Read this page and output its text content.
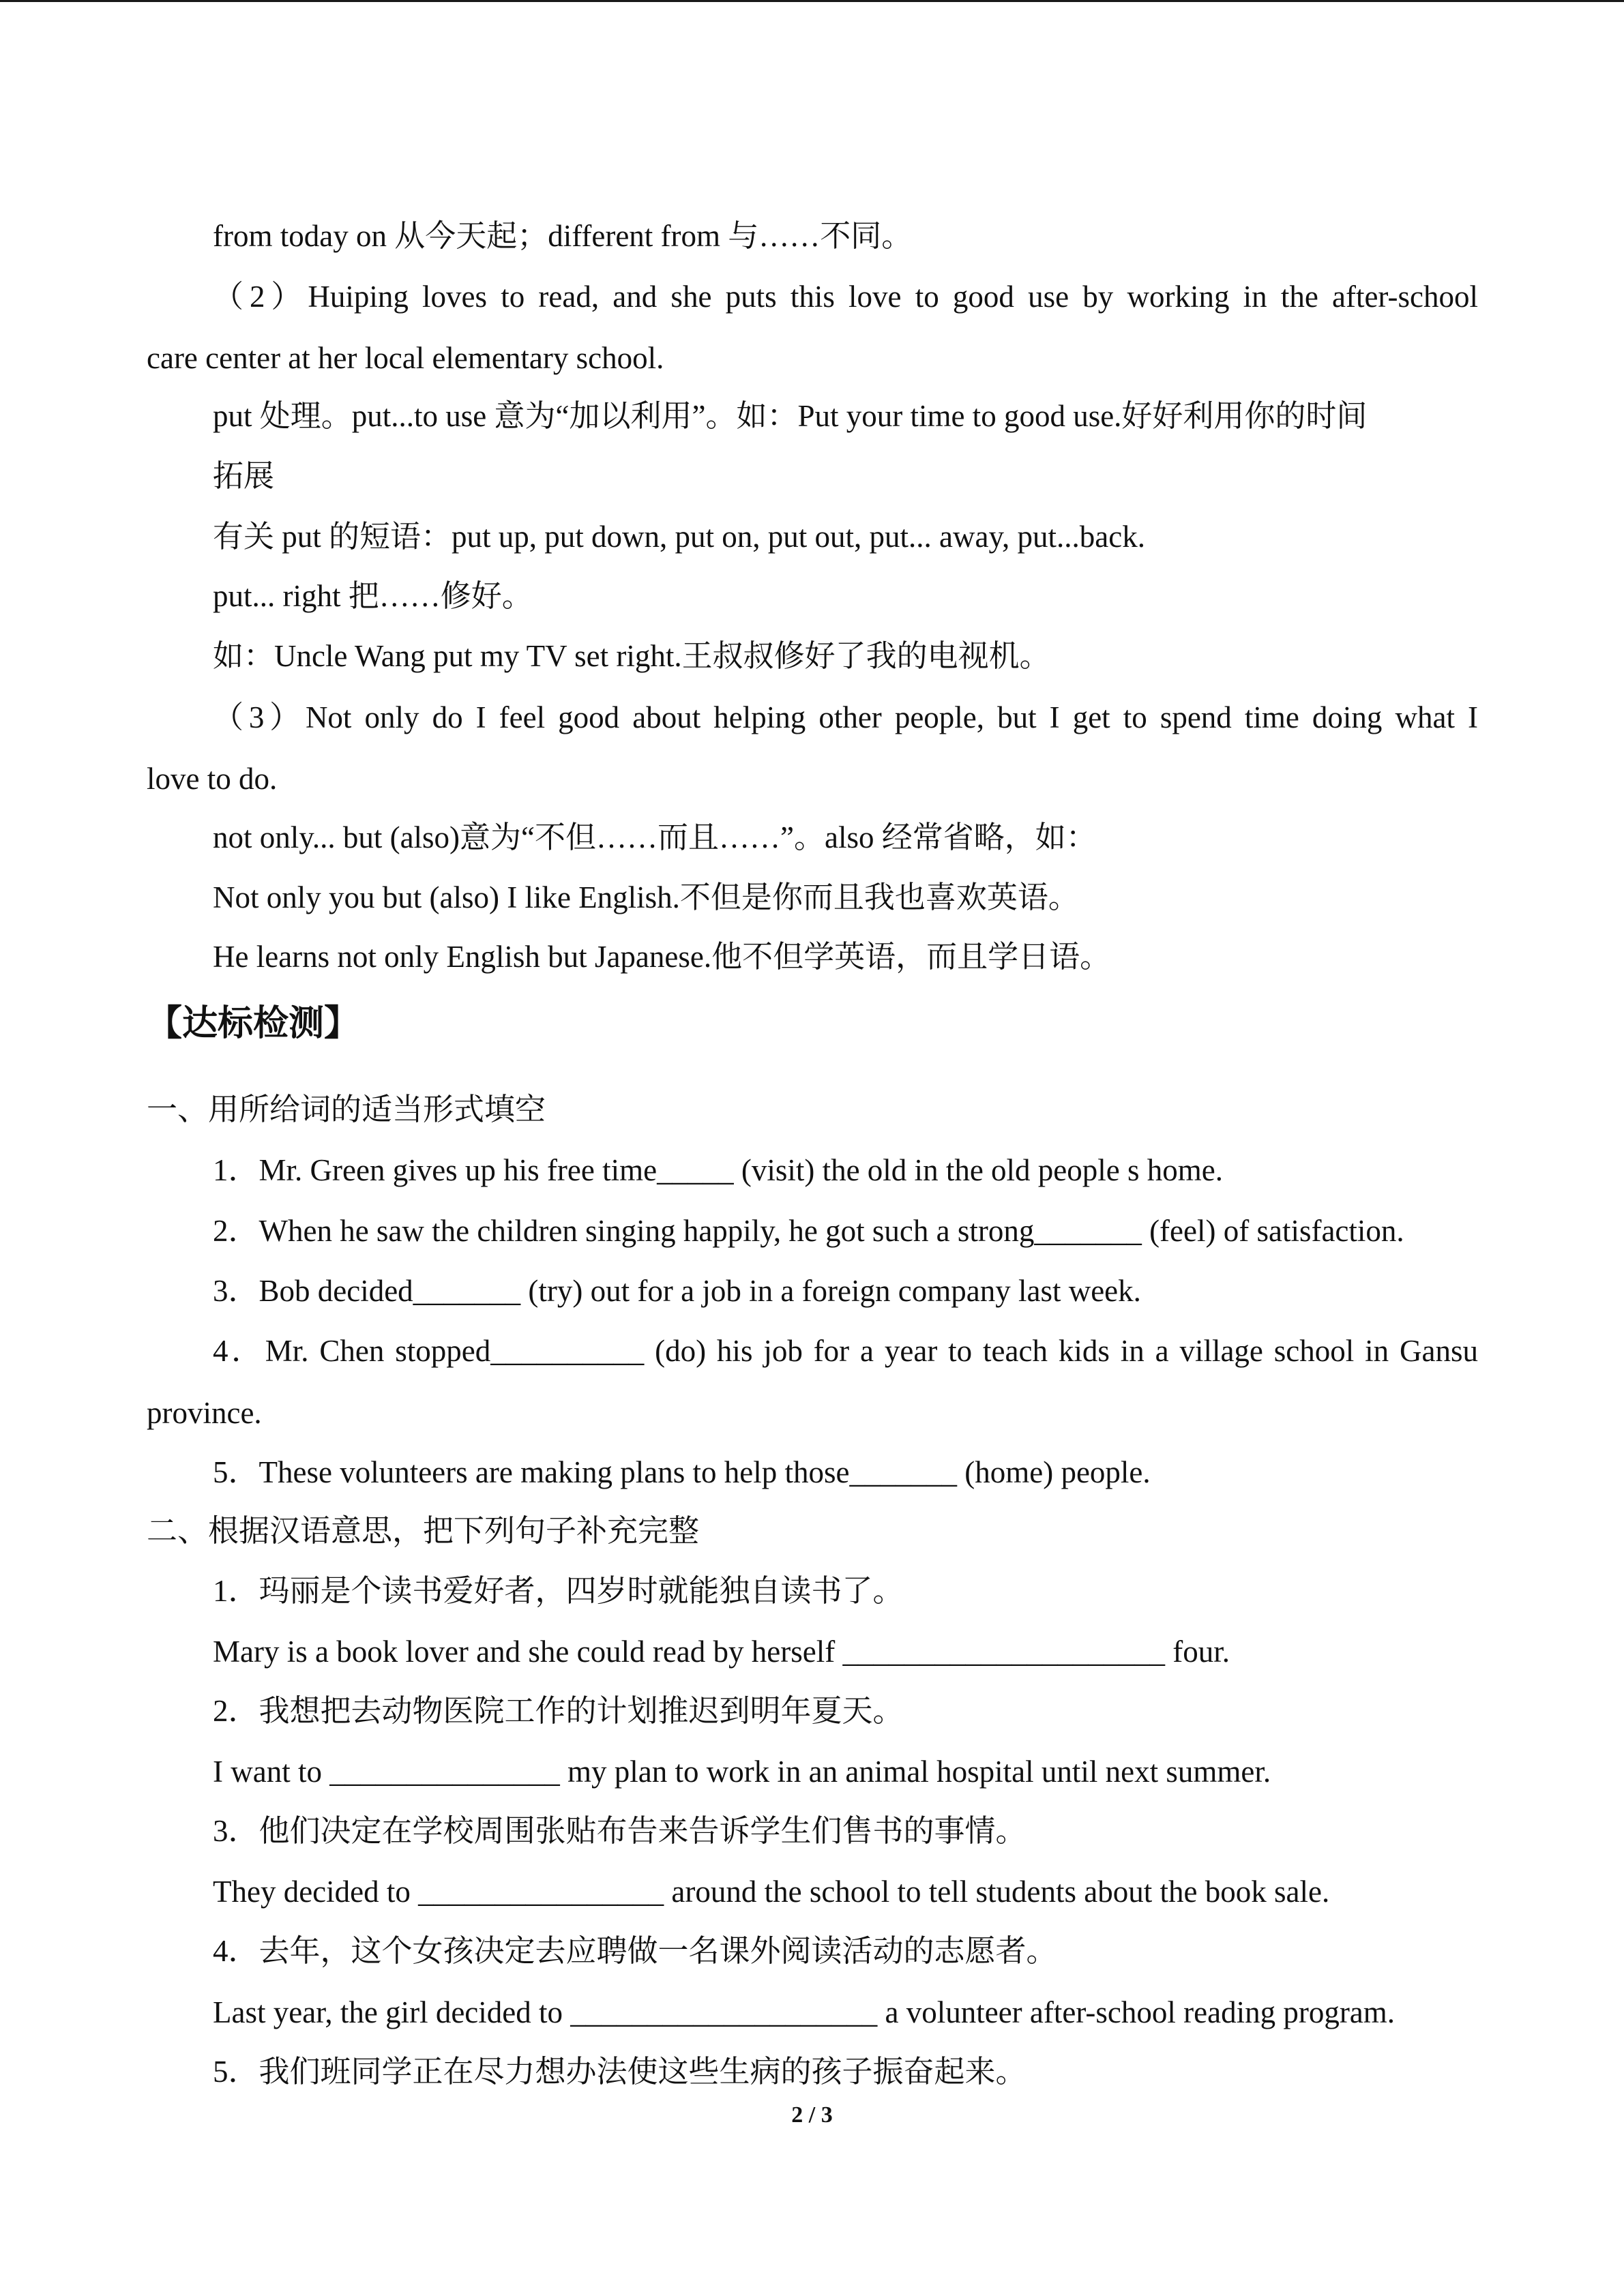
from today on 从今天起；different from 与……不同。
（2）Huiping loves to read, and she puts this love to good use by working in the after-school
care center at her local elementary school.
put 处理。put...to use 意为“加以利用”。如：Put your time to good use.好好利用你的时间
拓展
有关 put 的短语：put up, put down, put on, put out, put... away, put...back.
put... right 把……修好。
如：Uncle Wang put my TV set right.王叔叔修好了我的电视机。
（3）Not only do I feel good about helping other people, but I get to spend time doing what I
love to do.
not only... but (also)意为“不但……而且……”。also 经常省略，如：
Not only you but (also) I like English.不但是你而且我也喜欢英语。
He learns not only English but Japanese.他不但学英语，而且学日语。
【达标检测】
一、用所给词的适当形式填空
1．Mr. Green gives up his free time_____ (visit) the old in the old people s home.
2．When he saw the children singing happily, he got such a strong_______ (feel) of satisfaction.
3．Bob decided_______ (try) out for a job in a foreign company last week.
4．Mr. Chen stopped__________ (do) his job for a year to teach kids in a village school in Gansu
province.
5．These volunteers are making plans to help those_______ (home) people.
二、根据汉语意思，把下列句子补充完整
1．玛丽是个读书爱好者，四岁时就能独自读书了。
Mary is a book lover and she could read by herself _____________________ four.
2．我想把去动物医院工作的计划推迟到明年夏天。
I want to _______________ my plan to work in an animal hospital until next summer.
3．他们决定在学校周围张贴布告来告诉学生们售书的事情。
They decided to ________________ around the school to tell students about the book sale.
4．去年，这个女孩决定去应聘做一名课外阅读活动的志愿者。
Last year, the girl decided to ____________________ a volunteer after-school reading program.
5．我们班同学正在尽力想办法使这些生病的孩子振奋起来。
2 / 3
